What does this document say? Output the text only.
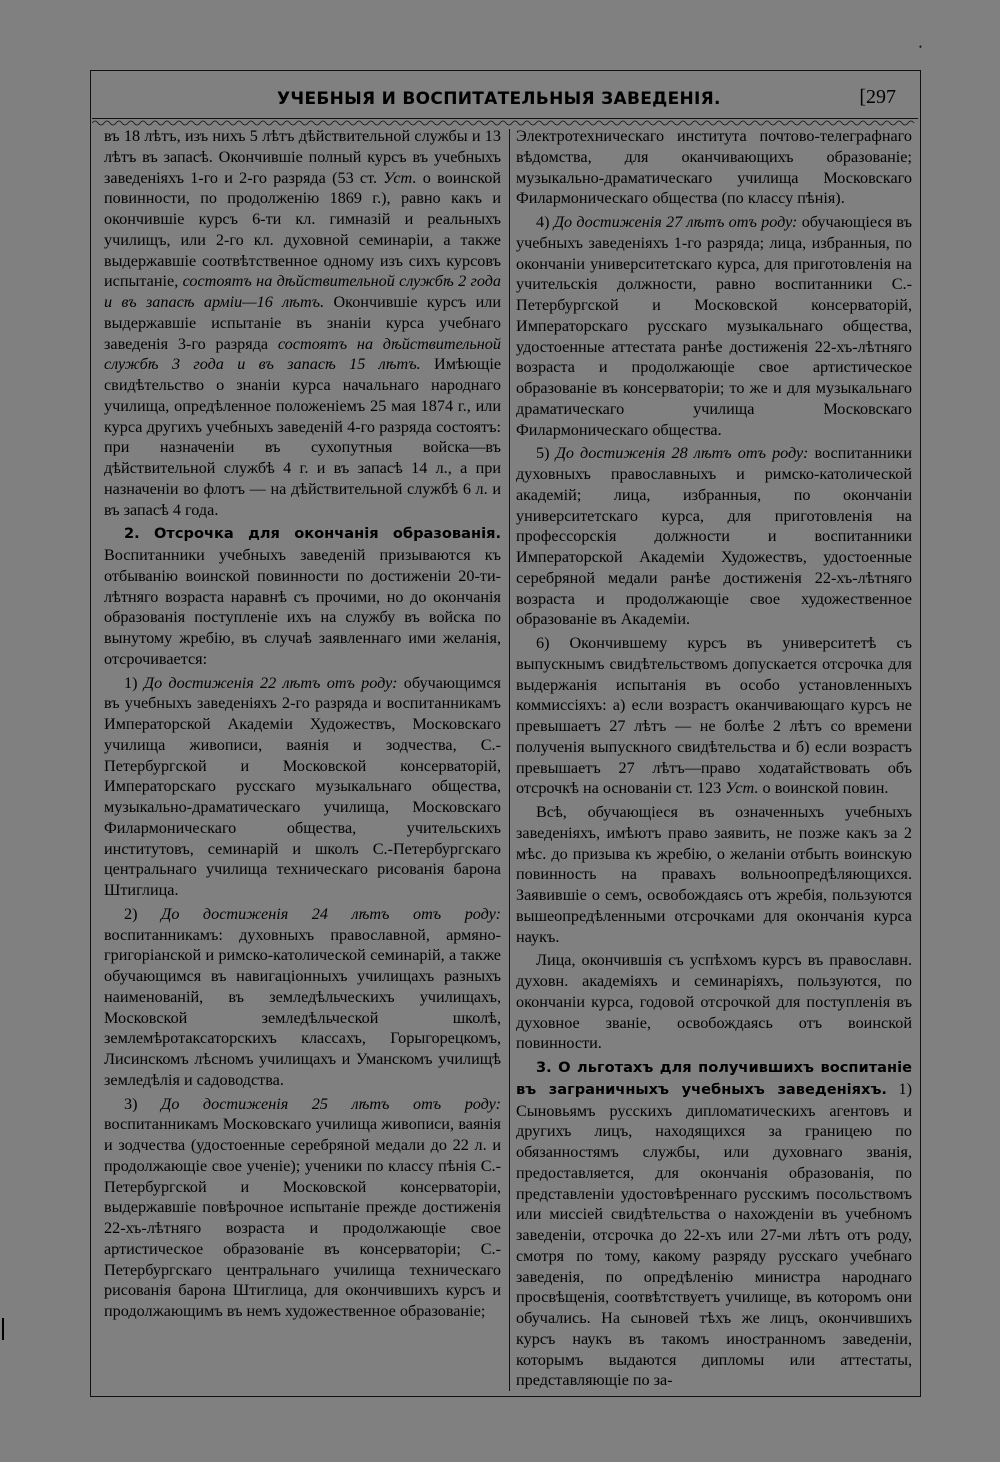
•
УЧЕБНЫЯ И ВОСПИТАТЕЛЬНЫЯ ЗАВЕДЕНІЯ.	[297

въ 18 лѣтъ, изъ нихъ 5 лѣтъ дѣйствительной службы и 13 лѣтъ въ запасѣ. Окончившіе полный курсъ въ учебныхъ заведеніяхъ 1-го и 2-го разряда (53 ст. Уст. о воинской повинности, по продолженію 1869 г.), равно какъ и окончившіе курсъ 6-ти кл. гимназій и реальныхъ училищъ, или 2-го кл. духовной семинаріи, а также выдержавшіе соотвѣтственное одному изъ сихъ курсовъ испытаніе, состоятъ на дѣйствительной службѣ 2 года и въ запасѣ арміи—16 лѣтъ. Окончившіе курсъ или выдержавшіе испытаніе въ знаніи курса учебнаго заведенія 3-го разряда состоятъ на дѣйствительной службѣ 3 года и въ запасѣ 15 лѣтъ. Имѣющіе свидѣтельство о знаніи курса начальнаго народнаго училища, опредѣленное положеніемъ 25 мая 1874 г., или курса другихъ учебныхъ заведеній 4-го разряда состоятъ: при назначеніи въ сухопутныя войска—въ дѣйствительной службѣ 4 г. и въ запасѣ 14 л., а при назначеніи во флотъ — на дѣйствительной службѣ 6 л. и въ запасѣ 4 года.

2. Отсрочка для окончанія образованія. Воспитанники учебныхъ заведеній призываются къ отбыванію воинской повинности по достиженіи 20-ти-лѣтняго возраста наравнѣ съ прочими, но до окончанія образованія поступленіе ихъ на службу въ войска по вынутому жребію, въ случаѣ заявленнаго ими желанія, отсрочивается:

1) До достиженія 22 лѣтъ отъ роду: обучающимся въ учебныхъ заведеніяхъ 2-го разряда и воспитанникамъ Императорской Академіи Художествъ, Московскаго училища живописи, ваянія и зодчества, С.-Петербургской и Московской консерваторій, Императорскаго русскаго музыкальнаго общества, музыкально-драматическаго училища, Московскаго Филармоническаго общества, учительскихъ институтовъ, семинарій и школъ С.-Петербургскаго центральнаго училища техническаго рисованія барона Штиглица.

2) До достиженія 24 лѣтъ отъ роду: воспитанникамъ: духовныхъ православной, армяно-григоріанской и римско-католической семинарій, а также обучающимся въ навигаціонныхъ училищахъ разныхъ наименованій, въ земледѣльческихъ училищахъ, Московской земледѣльческой школѣ, землемѣротаксаторскихъ классахъ, Горыгорецкомъ, Лисинскомъ лѣсномъ училищахъ и Уманскомъ училищѣ земледѣлія и садоводства.

3) До достиженія 25 лѣтъ отъ роду: воспитанникамъ Московскаго училища живописи, ваянія и зодчества (удостоенные серебряной медали до 22 л. и продолжающіе свое ученіе); ученики по классу пѣнія С.-Петербургской и Московской консерваторіи, выдержавшіе повѣрочное испытаніе прежде достиженія 22-хъ-лѣтняго возраста и продолжающіе свое артистическое образованіе въ консерваторіи; С.-Петербургскаго центральнаго училища техническаго рисованія барона Штиглица, для окончившихъ курсъ и продолжающимъ въ немъ художественное образованіе;

Электротехническаго института почтово-телеграфнаго вѣдомства, для оканчивающихъ образованіе; музыкально-драматическаго училища Московскаго Филармоническаго общества (по классу пѣнія).

4) До достиженія 27 лѣтъ отъ роду: обучающіеся въ учебныхъ заведеніяхъ 1-го разряда; лица, избранныя, по окончаніи университетскаго курса, для приготовленія на учительскія должности, равно воспитанники С.-Петербургской и Московской консерваторій, Императорскаго русскаго музыкальнаго общества, удостоенные аттестата ранѣе достиженія 22-хъ-лѣтняго возраста и продолжающіе свое артистическое образованіе въ консерваторіи; то же и для музыкальнаго драматическаго училища Московскаго Филармоническаго общества.

5) До достиженія 28 лѣтъ отъ роду: воспитанники духовныхъ православныхъ и римско-католической академій; лица, избранныя, по окончаніи университетскаго курса, для приготовленія на профессорскія должности и воспитанники Императорской Академіи Художествъ, удостоенные серебряной медали ранѣе достиженія 22-хъ-лѣтняго возраста и продолжающіе свое художественное образованіе въ Академіи.

6) Окончившему курсъ въ университетѣ съ выпускнымъ свидѣтельствомъ допускается отсрочка для выдержанія испытанія въ особо установленныхъ коммиссіяхъ: а) если возрастъ оканчивающаго курсъ не превышаетъ 27 лѣтъ — не болѣе 2 лѣтъ со времени полученія выпускного свидѣтельства и б) если возрастъ превышаетъ 27 лѣтъ—право ходатайствовать объ отсрочкѣ на основаніи ст. 123 Уст. о воинской повин.

Всѣ, обучающіеся въ означенныхъ учебныхъ заведеніяхъ, имѣютъ право заявить, не позже какъ за 2 мѣс. до призыва къ жребію, о желаніи отбыть воинскую повинность на правахъ вольноопредѣляющихся. Заявившіе о семъ, освобождаясь отъ жребія, пользуются вышеопредѣленными отсрочками для окончанія курса наукъ.

Лица, окончившія съ успѣхомъ курсъ въ православн. духовн. академіяхъ и семинаріяхъ, пользуются, по окончаніи курса, годовой отсрочкой для поступленія въ духовное званіе, освобождаясь отъ воинской повинности.

3. О льготахъ для получившихъ воспитаніе въ заграничныхъ учебныхъ заведеніяхъ. 1) Сыновьямъ русскихъ дипломатическихъ агентовъ и другихъ лицъ, находящихся за границею по обязанностямъ службы, или духовнаго званія, предоставляется, для окончанія образованія, по представленіи удостовѣреннаго русскимъ посольствомъ или миссіей свидѣтельства о нахожденіи въ учебномъ заведеніи, отсрочка до 22-хъ или 27-ми лѣтъ отъ роду, смотря по тому, какому разряду русскаго учебнаго заведенія, по опредѣленію министра народнаго просвѣщенія, соотвѣтствуетъ училище, въ которомъ они обучались. На сыновей тѣхъ же лицъ, окончившихъ курсъ наукъ въ такомъ иностранномъ заведеніи, которымъ выдаются дипломы или аттестаты, представляющіе по за-
